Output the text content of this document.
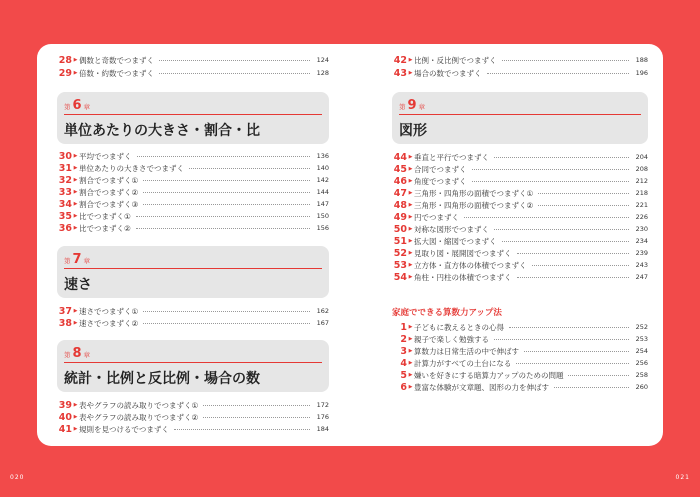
28 ▶ 偶数と奇数でつまずく	124
29 ▶ 倍数・約数でつまずく	128
第 6 章
単位あたりの大きさ・割合・比
30 ▶ 平均でつまずく	136
31 ▶ 単位あたりの大きさでつまずく	140
32 ▶ 割合でつまずく①	142
33 ▶ 割合でつまずく②	144
34 ▶ 割合でつまずく③	147
35 ▶ 比でつまずく①	150
36 ▶ 比でつまずく②	156
第 7 章
速さ
37 ▶ 速さでつまずく①	162
38 ▶ 速さでつまずく②	167
第 8 章
統計・比例と反比例・場合の数
39 ▶ 表やグラフの読み取りでつまずく①	172
40 ▶ 表やグラフの読み取りでつまずく②	176
41 ▶ 規則を見つけるでつまずく	184
42 ▶ 比例・反比例でつまずく	188
43 ▶ 場合の数でつまずく	196
第 9 章
図形
44 ▶ 垂直と平行でつまずく	204
45 ▶ 合同でつまずく	208
46 ▶ 角度でつまずく	212
47 ▶ 三角形・四角形の面積でつまずく①	218
48 ▶ 三角形・四角形の面積でつまずく②	221
49 ▶ 円でつまずく	226
50 ▶ 対称な図形でつまずく	230
51 ▶ 拡大図・縮図でつまずく	234
52 ▶ 見取り図・展開図でつまずく	239
53 ▶ 立方体・直方体の体積でつまずく	243
54 ▶ 角柱・円柱の体積でつまずく	247
家庭でできる算数力アップ法
1 ▶ 子どもに教えるときの心得	252
2 ▶ 親子で楽しく勉強する	253
3 ▶ 算数力は日常生活の中で伸ばす	254
4 ▶ 計算力がすべての土台になる	256
5 ▶ 嫌いを好きにする暗算力アップのための問題	258
6 ▶ 豊富な体験が文章題、図形の力を伸ばす	260
020	021
